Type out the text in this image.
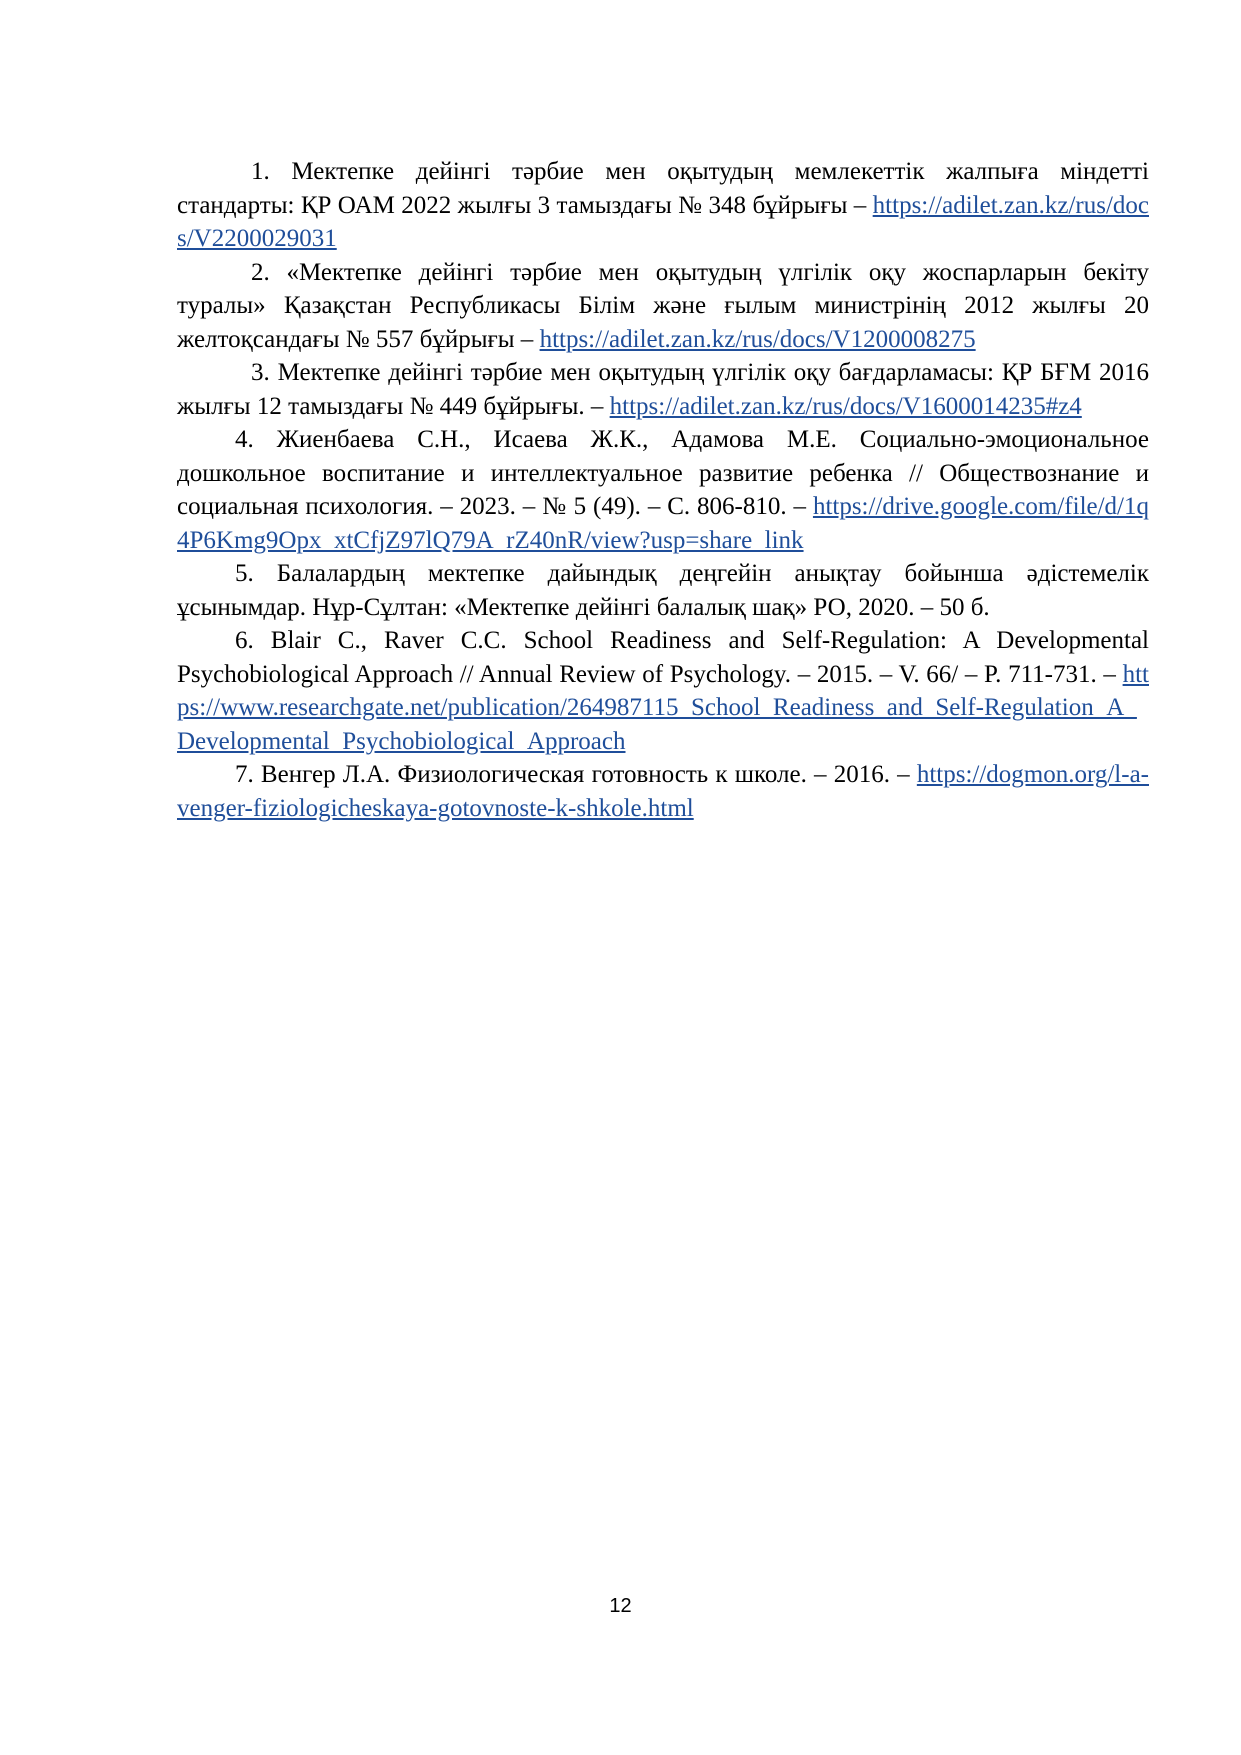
1. Мектепке дейінгі тәрбие мен оқытудың мемлекеттік жалпыға міндетті стандарты: ҚР ОАМ 2022 жылғы 3 тамыздағы № 348 бұйрығы – https://adilet.zan.kz/rus/docs/V2200029031

2. «Мектепке дейінгі тәрбие мен оқытудың үлгілік оқу жоспарларын бекіту туралы» Қазақстан Республикасы Білім және ғылым министрінің 2012 жылғы 20 желтоқсандағы № 557 бұйрығы – https://adilet.zan.kz/rus/docs/V1200008275

3. Мектепке дейінгі тәрбие мен оқытудың үлгілік оқу бағдарламасы: ҚР БҒМ 2016 жылғы 12 тамыздағы № 449 бұйрығы. – https://adilet.zan.kz/rus/docs/V1600014235#z4

4. Жиенбаева С.Н., Исаева Ж.К., Адамова М.Е. Социально-эмоциональное дошкольное воспитание и интеллектуальное развитие ребенка // Обществознание и социальная психология. – 2023. – № 5 (49). – С. 806-810. – https://drive.google.com/file/d/1q4P6Kmg9Opx_xtCfjZ97lQ79A_rZ40nR/view?usp=share_link

5. Балалардың мектепке дайындық деңгейін анықтау бойынша әдістемелік ұсынымдар. Нұр-Сұлтан: «Мектепке дейінгі балалық шақ» РО, 2020. – 50 б.

6. Blair C., Raver C.C. School Readiness and Self-Regulation: A Developmental Psychobiological Approach // Annual Review of Psychology. – 2015. – V. 66/ – P. 711-731. – https://www.researchgate.net/publication/264987115_School_Readiness_and_Self-Regulation_A_Developmental_Psychobiological_Approach

7. Венгер Л.А. Физиологическая готовность к школе. – 2016. – https://dogmon.org/l-a-venger-fiziologicheskaya-gotovnoste-k-shkole.html

12
